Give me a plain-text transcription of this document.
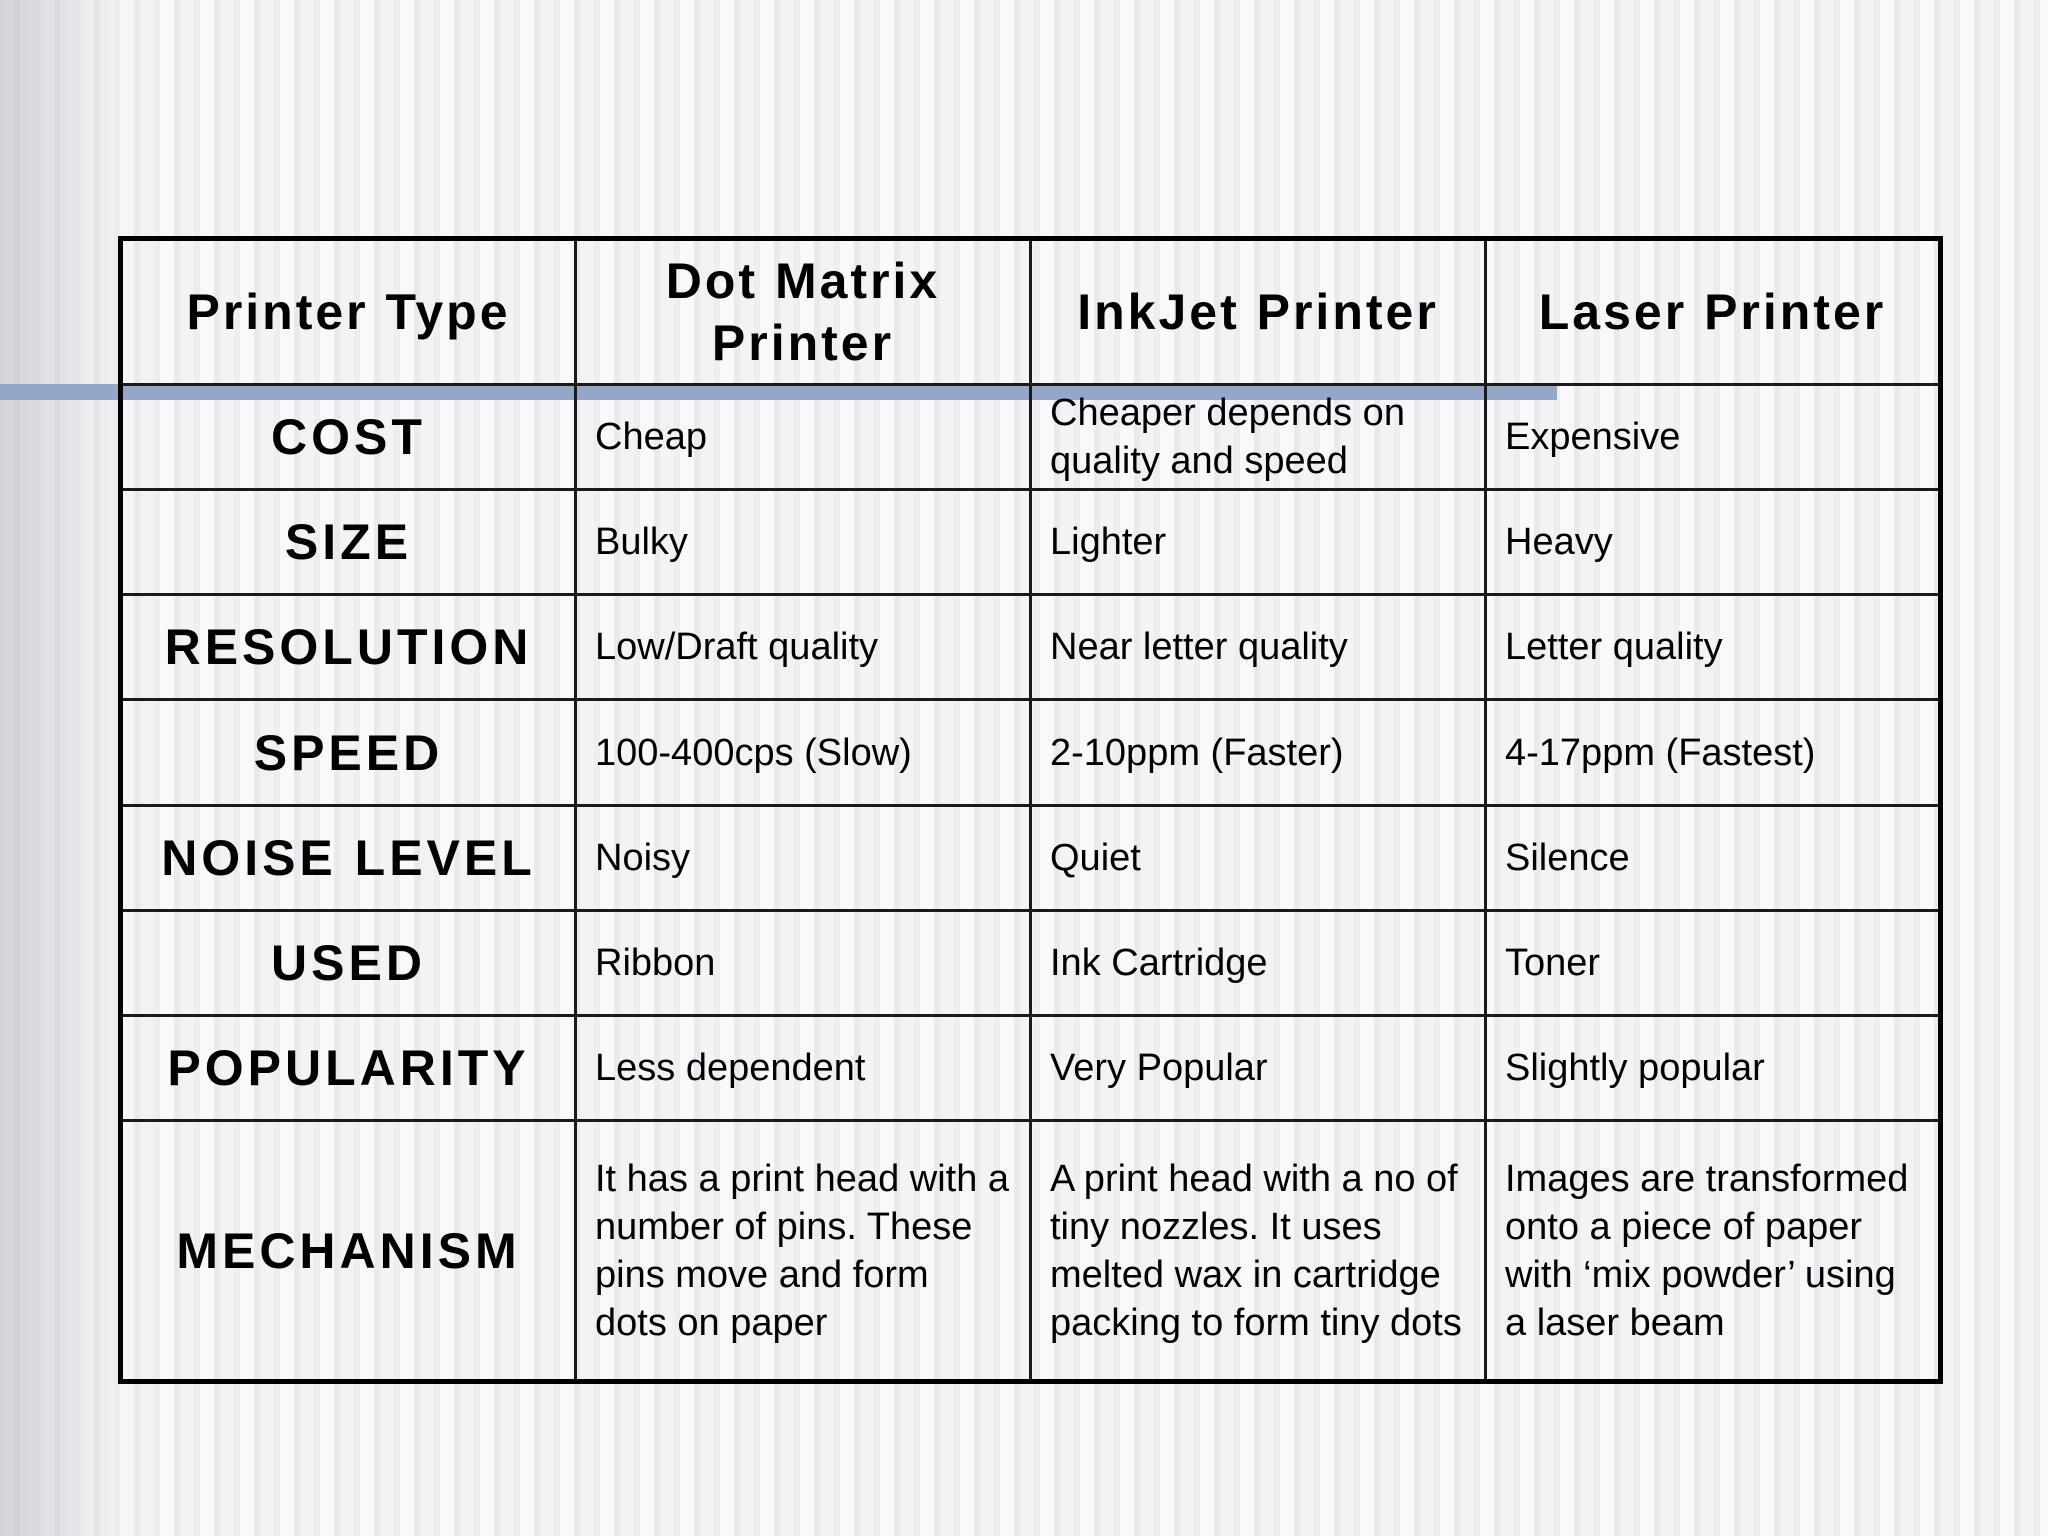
Printer Type	Dot Matrix Printer	InkJet Printer	Laser Printer
COST	Cheap	Cheaper depends on quality and speed	Expensive
SIZE	Bulky	Lighter	Heavy
RESOLUTION	Low/Draft quality	Near letter quality	Letter quality
SPEED	100-400cps (Slow)	2-10ppm (Faster)	4-17ppm (Fastest)
NOISE LEVEL	Noisy	Quiet	Silence
USED	Ribbon	Ink Cartridge	Toner
POPULARITY	Less dependent	Very Popular	Slightly popular
MECHANISM	It has a print head with a number of pins. These pins move and form dots on paper	A print head with a no of tiny nozzles. It uses melted wax in cartridge packing to form tiny dots	Images are transformed onto a piece of paper with ‘mix powder’ using a laser beam
